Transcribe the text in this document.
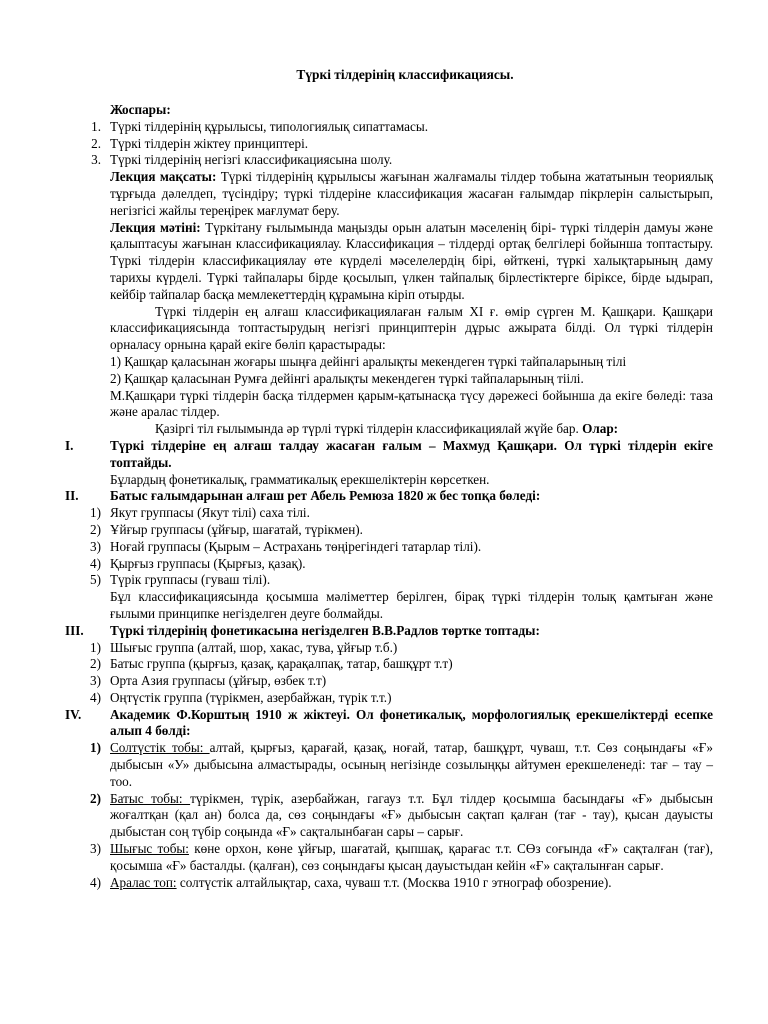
Түркі тілдерінің классификациясы.
Жоспары:
1. Түркі тілдерінің құрылысы, типологиялық сипаттамасы.
2. Түркі тілдерін жіктеу принциптері.
3. Түркі тілдерінің негізгі классификациясына шолу.
Лекция мақсаты: Түркі тілдерінің құрылысы жағынан жалғамалы тілдер тобына жататынын теориялық тұрғыда дәлелдеп, түсіндіру; түркі тілдеріне классификация жасаған ғалымдар пікрлерін салыстырып, негізгісі жайлы тереңірек мағлумат беру.
Лекция мәтіні: Түркітану ғылымында маңызды орын алатын мәселенің бірі- түркі тілдерін дамуы және қалыптасуы жағынан классификациялау. Классификация – тілдерді ортақ белгілері бойынша топтастыру. Түркі тілдерін классификациялау өте күрделі мәселелердің бірі, өйткені, түркі халықтарының даму тарихы күрделі. Түркі тайпалары бірде қосылып, үлкен тайпалық бірлестіктерге бірiксе, бірде ыдырап, кейбір тайпалар басқа мемлекеттердің құрамына кіріп отырды.
Түркі тілдерін ең алғаш классификациялаған ғалым XI ғ. өмір сүрген М. Қашқари. Қашқари классификациясында топтастырудың негізгі принциптерін дұрыс ажырата білді. Ол түркі тілдерін орналасу орнына қарай екіге бөліп қарастырады:
1) Қашқар қаласынан жоғары шыңға дейінгі аралықты мекендеген түркі тайпаларының тілі
2) Қашқар қаласынан Румға дейінгі аралықты мекендеген түркі тайпаларының тіілі.
М.Қашқари түркі тілдерін басқа тілдермен қарым-қатынасқа түсу дәрежесі бойынша да екіге бөледі: таза және аралас тілдер.
Қазіргі тіл ғылымында әр түрлі түркі тілдерін классификациялай жүйе бар. Олар:
I.	Түркі тілдеріне ең алғаш талдау жасаған ғалым – Махмуд Қашқари. Ол түркі тілдерін екігe топтайды.
Бұлардың фонетикалық, грамматикалық ерекшеліктерін көрсеткен.
II.	Батыс ғалымдарынан алғаш рет Абель Ремюза 1820 ж бес топқа бөледі:
1) Якут группасы (Якут тілі) саха тілі.
2) Ұйғыр группасы (ұйғыр, шағатай, түрікмен).
3) Ноғай группасы (Қырым – Астрахань төңірегіндегі татарлар тілі).
4) Қырғыз группасы (Қырғыз, қазақ).
5) Түрік группасы (гуваш тілі).
Бұл классификациясында қосымша мәліметтер берілген, бірақ түркі тілдерін толық қамтыған және ғылыми принципке негізделген деуге болмайды.
III.	Түркі тілдерінің фонетикасына негізделген В.В.Радлов төртке топтады:
1) Шығыс группа (алтай, шор, хакас, тува, ұйғыр т.б.)
2) Батыс группа (қырғыз, қазақ, қарақалпақ, татар, башқұрт т.т)
3) Орта Азия группасы (ұйғыр, өзбек т.т)
4) Оңтүстік группа (түрікмен, азербайжан, түрік т.т.)
IV.	Академик Ф.Корштың 1910 ж жіктеуі. Ол фонетикалық, морфологиялық ерекшеліктерді есепке алып 4 бөлді:
1) Солтүстік тобы: алтай, қырғыз, қарағай, қазақ, ноғай, татар, башқұрт, чуваш, т.т. Сөз соңындағы «Ғ» дыбысын «У» дыбысына алмастырады, осының негізінде созылыңқы айтумен ерекшеленеді: тағ – тау – тоо.
2) Батыс тобы: түрікмен, түрік, азербайжан, гагауз т.т. Бұл тілдер қосымша басындағы «Ғ» дыбысын жоғалтқан (қал ан) болса да, сөз соңындағы «Ғ» дыбысын сақтап қалған (тағ - тау), қысан дауысты дыбыстан соң түбір соңында «Ғ» сақталынбаған сары – сарығ.
3) Шығыс тобы: көне орхон, көне ұйғыр, шағатай, қыпшақ, қарағас т.т. СӨз соғында «Ғ» сақталған (тағ), қосымша «Ғ» басталды. (қалған), сөз соңындағы қысаң дауыстыдан кейін «Ғ» сақталынған сарығ.
4) Аралас топ: солтүстік алтайлықтар, саха, чуваш т.т. (Москва 1910 г этнограф обозрение).
